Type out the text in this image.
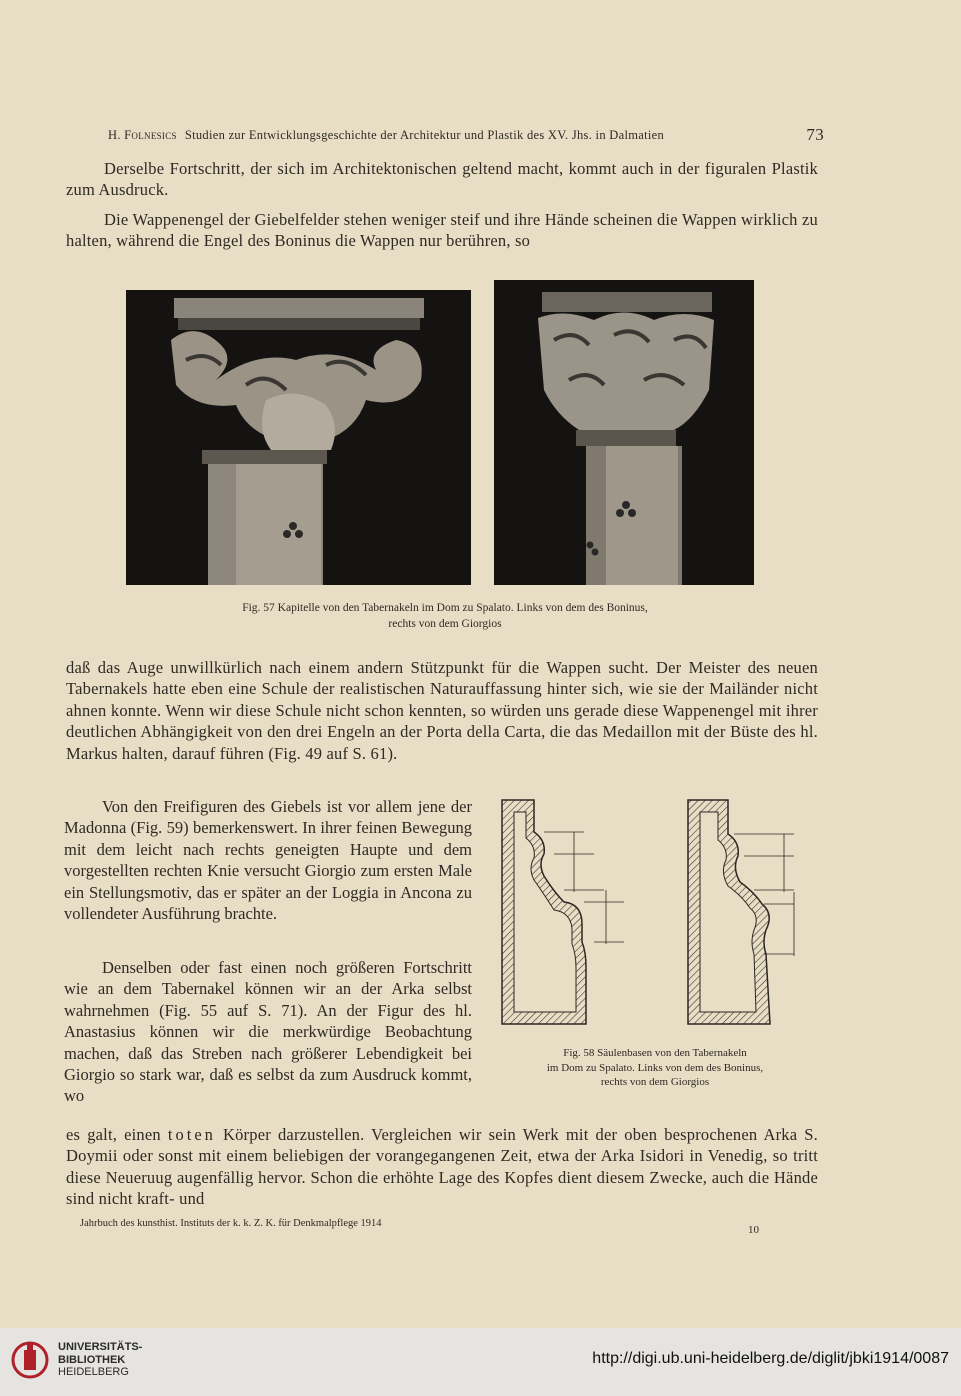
H. Folnesics Studien zur Entwicklungsgeschichte der Architektur und Plastik des XV. Jhs. in Dalmatien	73

Derselbe Fortschritt, der sich im Architektonischen geltend macht, kommt auch in der figuralen Plastik zum Ausdruck.

Die Wappenengel der Giebelfelder stehen weniger steif und ihre Hände scheinen die Wappen wirklich zu halten, während die Engel des Boninus die Wappen nur berühren, so

Fig. 57 Kapitelle von den Tabernakeln im Dom zu Spalato. Links von dem des Boninus,
rechts von dem Giorgios

daß das Auge unwillkürlich nach einem andern Stützpunkt für die Wappen sucht. Der Meister des neuen Tabernakels hatte eben eine Schule der realistischen Naturauffassung hinter sich, wie sie der Mailänder nicht ahnen konnte. Wenn wir diese Schule nicht schon kennten, so würden uns gerade diese Wappenengel mit ihrer deutlichen Abhängigkeit von den drei Engeln an der Porta della Carta, die das Medaillon mit der Büste des hl. Markus halten, darauf führen (Fig. 49 auf S. 61).

Von den Freifiguren des Giebels ist vor allem jene der Madonna (Fig. 59) bemerkenswert. In ihrer feinen Bewegung mit dem leicht nach rechts geneigten Haupte und dem vorgestellten rechten Knie versucht Giorgio zum ersten Male ein Stellungsmotiv, das er später an der Loggia in Ancona zu vollendeter Ausführung brachte.

Denselben oder fast einen noch größeren Fortschritt wie an dem Tabernakel können wir an der Arka selbst wahrnehmen (Fig. 55 auf S. 71). An der Figur des hl. Anastasius können wir die merkwürdige Beobachtung machen, daß das Streben nach größerer Lebendigkeit bei Giorgio so stark war, daß es selbst da zum Ausdruck kommt, wo

Fig. 58 Säulenbasen von den Tabernakeln
im Dom zu Spalato. Links von dem des Boninus,
rechts von dem Giorgios

es galt, einen toten Körper darzustellen. Vergleichen wir sein Werk mit der oben besprochenen Arka S. Doymii oder sonst mit einem beliebigen der vorangegangenen Zeit, etwa der Arka Isidori in Venedig, so tritt diese Neueruug augenfällig hervor. Schon die erhöhte Lage des Kopfes dient diesem Zwecke, auch die Hände sind nicht kraft- und

Jahrbuch des kunsthist. Instituts der k. k. Z. K. für Denkmalpflege 1914
10
UNIVERSITÄTS-
BIBLIOTHEK
HEIDELBERG
http://digi.ub.uni-heidelberg.de/diglit/jbki1914/0087
